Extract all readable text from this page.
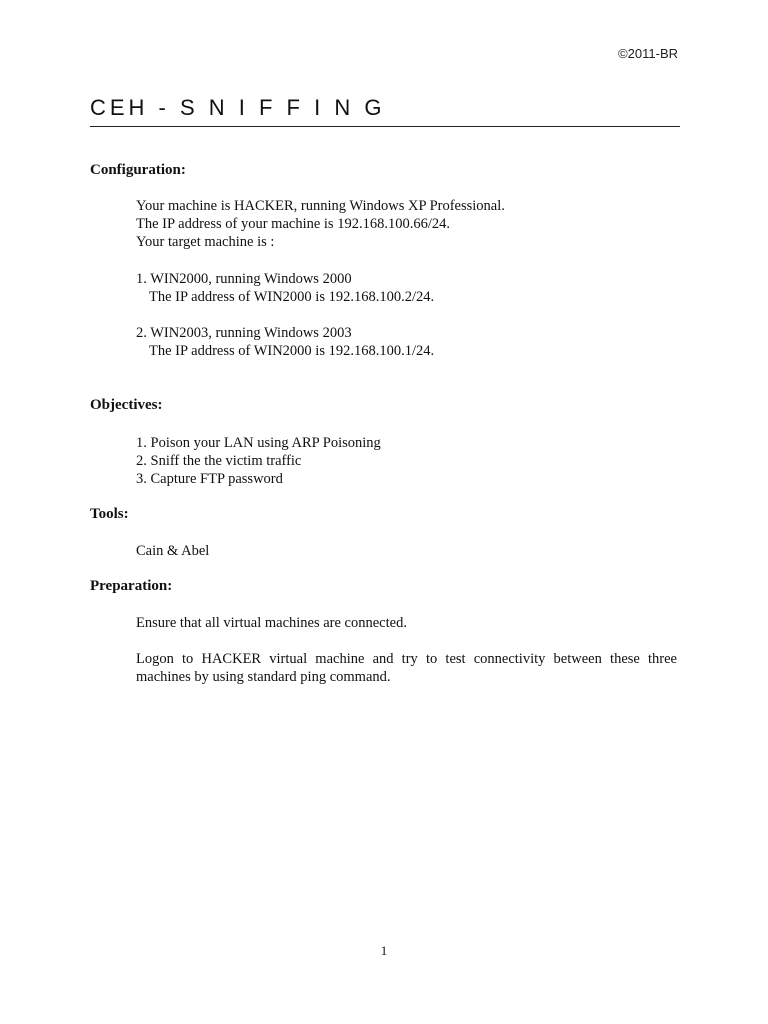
©2011-BR
CEH - S N I F F I N G
Configuration:
Your machine is HACKER, running Windows XP Professional.
The IP address of your machine is 192.168.100.66/24.
Your target machine is :
1. WIN2000, running Windows 2000
The IP address of WIN2000 is 192.168.100.2/24.
2. WIN2003, running Windows 2003
The IP address of WIN2000 is 192.168.100.1/24.
Objectives:
1. Poison your LAN using ARP Poisoning
2. Sniff the the victim traffic
3. Capture FTP password
Tools:
Cain & Abel
Preparation:
Ensure that all virtual machines are connected.
Logon to HACKER virtual machine and try to test connectivity between these three machines by using standard ping command.
1
